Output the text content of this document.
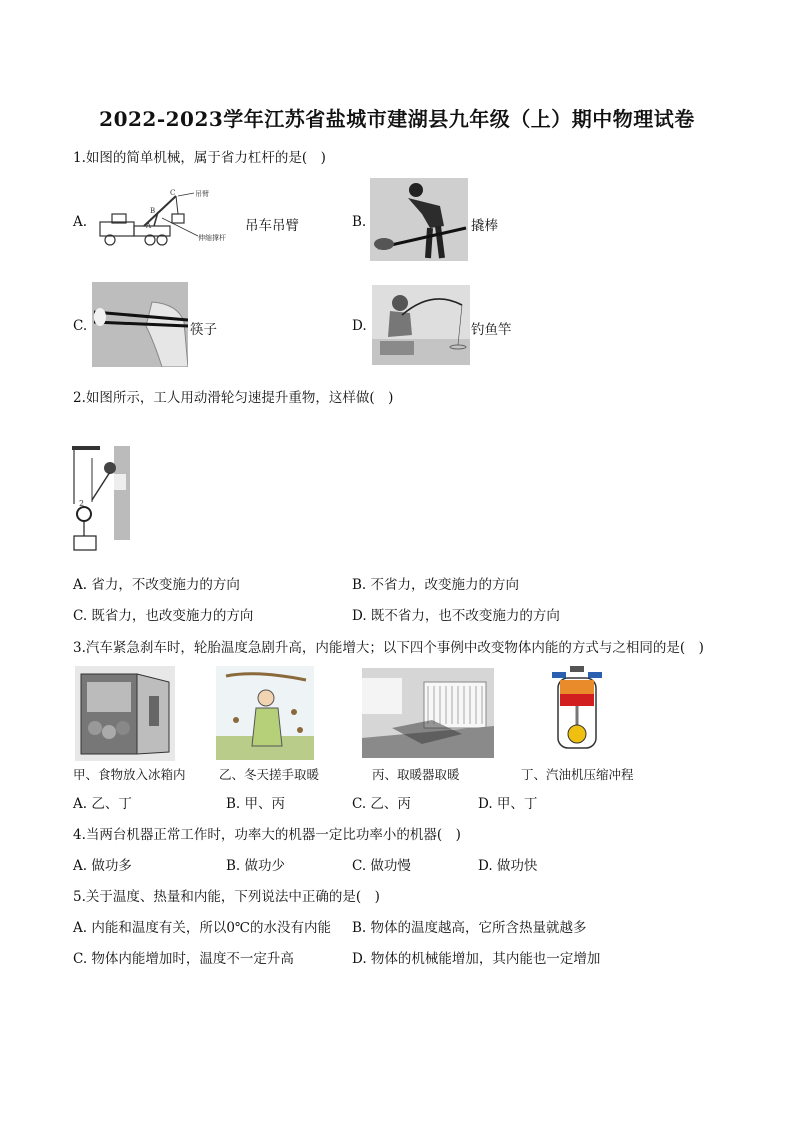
2022-2023学年江苏省盐城市建湖县九年级（上）期中物理试卷
1.如图的简单机械，属于省力杠杆的是(　)
A.
C
B
A
吊臂
伸缩撑杆
吊车吊臂	B.	撬棒
C.	筷子	D.	钓鱼竿
2.如图所示，工人用动滑轮匀速提升重物，这样做(　)
2
A. 省力，不改变施力的方向	B. 不省力，改变施力的方向
C. 既省力，也改变施力的方向	D. 既不省力，也不改变施力的方向
3.汽车紧急刹车时，轮胎温度急剧升高，内能增大；以下四个事例中改变物体内能的方式与之相同的是(　)
甲、食物放入冰箱内	乙、冬天搓手取暖	丙、取暖器取暖	丁、汽油机压缩冲程
A. 乙、丁	B. 甲、丙	C. 乙、丙	D. 甲、丁
4.当两台机器正常工作时，功率大的机器一定比功率小的机器(　)
A. 做功多	B. 做功少	C. 做功慢	D. 做功快
5.关于温度、热量和内能，下列说法中正确的是(　)
A. 内能和温度有关，所以0℃的水没有内能 B. 物体的温度越高，它所含热量就越多
C. 物体内能增加时，温度不一定升高	D. 物体的机械能增加，其内能也一定增加
